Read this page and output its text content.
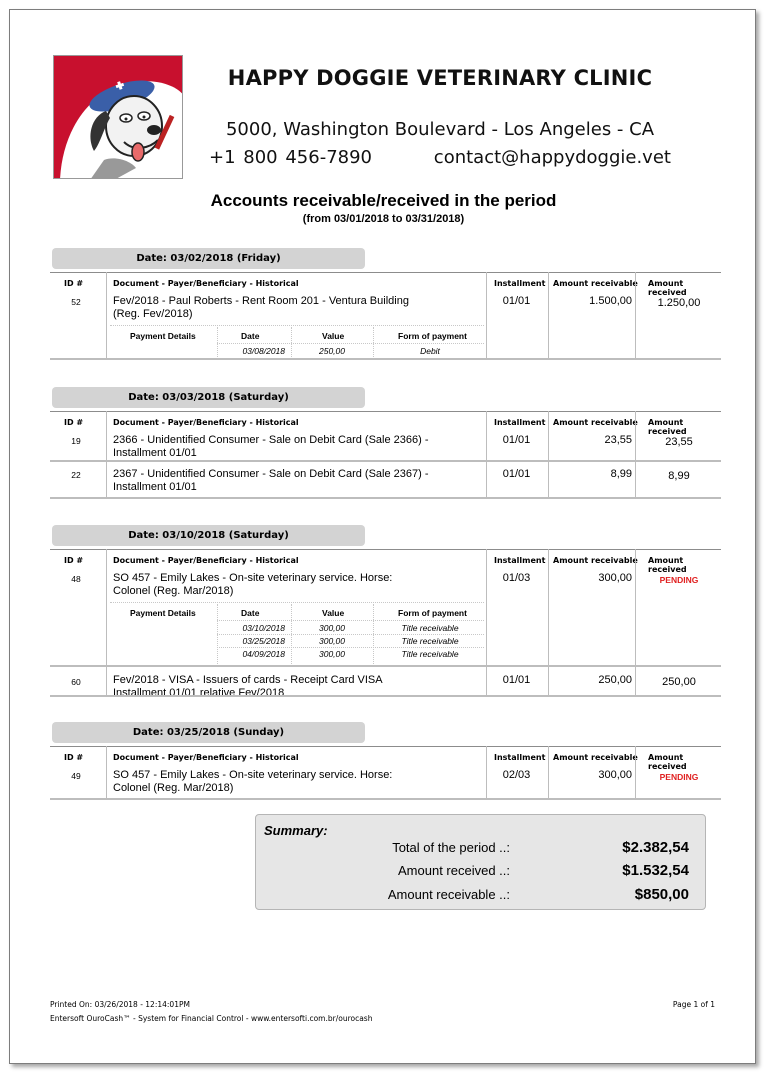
HAPPY DOGGIE VETERINARY CLINIC
5000, Washington Boulevard - Los Angeles - CA
+1 800 456-7890	contact@happydoggie.vet
Accounts receivable/received in the period
(from 03/01/2018 to 03/31/2018)
Date: 03/02/2018 (Friday)
ID #	Document - Payer/Beneficiary - Historical	Installment Amount receivable Amount received
52	Fev/2018 - Paul Roberts - Rent Room 201 - Ventura Building
(Reg. Fev/2018)
01/01	1.500,00	1.250,00
Payment Details	Date	Value	Form of payment
03/08/2018	250,00	Debit
Date: 03/03/2018 (Saturday)
ID #	Document - Payer/Beneficiary - Historical	Installment Amount receivable Amount received
19	2366 - Unidentified Consumer - Sale on Debit Card (Sale 2366) -
Installment 01/01
01/01	23,55	23,55
22	2367 - Unidentified Consumer - Sale on Debit Card (Sale 2367) -
Installment 01/01
01/01	8,99	8,99
Date: 03/10/2018 (Saturday)
ID #	Document - Payer/Beneficiary - Historical	Installment Amount receivable Amount received
48	SO 457 - Emily Lakes - On-site veterinary service. Horse:
Colonel (Reg. Mar/2018)
01/03	300,00	PENDING
Payment Details	Date	Value	Form of payment
03/10/2018	300,00	Title receivable
03/25/2018	300,00	Title receivable
04/09/2018	300,00	Title receivable
60	Fev/2018 - VISA - Issuers of cards - Receipt Card VISA
Installment 01/01 relative Fev/2018
01/01	250,00	250,00
Date: 03/25/2018 (Sunday)
ID #	Document - Payer/Beneficiary - Historical	Installment Amount receivable Amount received
49	SO 457 - Emily Lakes - On-site veterinary service. Horse:
Colonel (Reg. Mar/2018)
02/03	300,00	PENDING
Summary:
Total of the period ..:	$2.382,54
Amount received ..:	$1.532,54
Amount receivable ..:	$850,00
Printed On: 03/26/2018 - 12:14:01PM
Entersoft OuroCash™ - System for Financial Control - www.entersofti.com.br/ourocash
Page 1 of 1
